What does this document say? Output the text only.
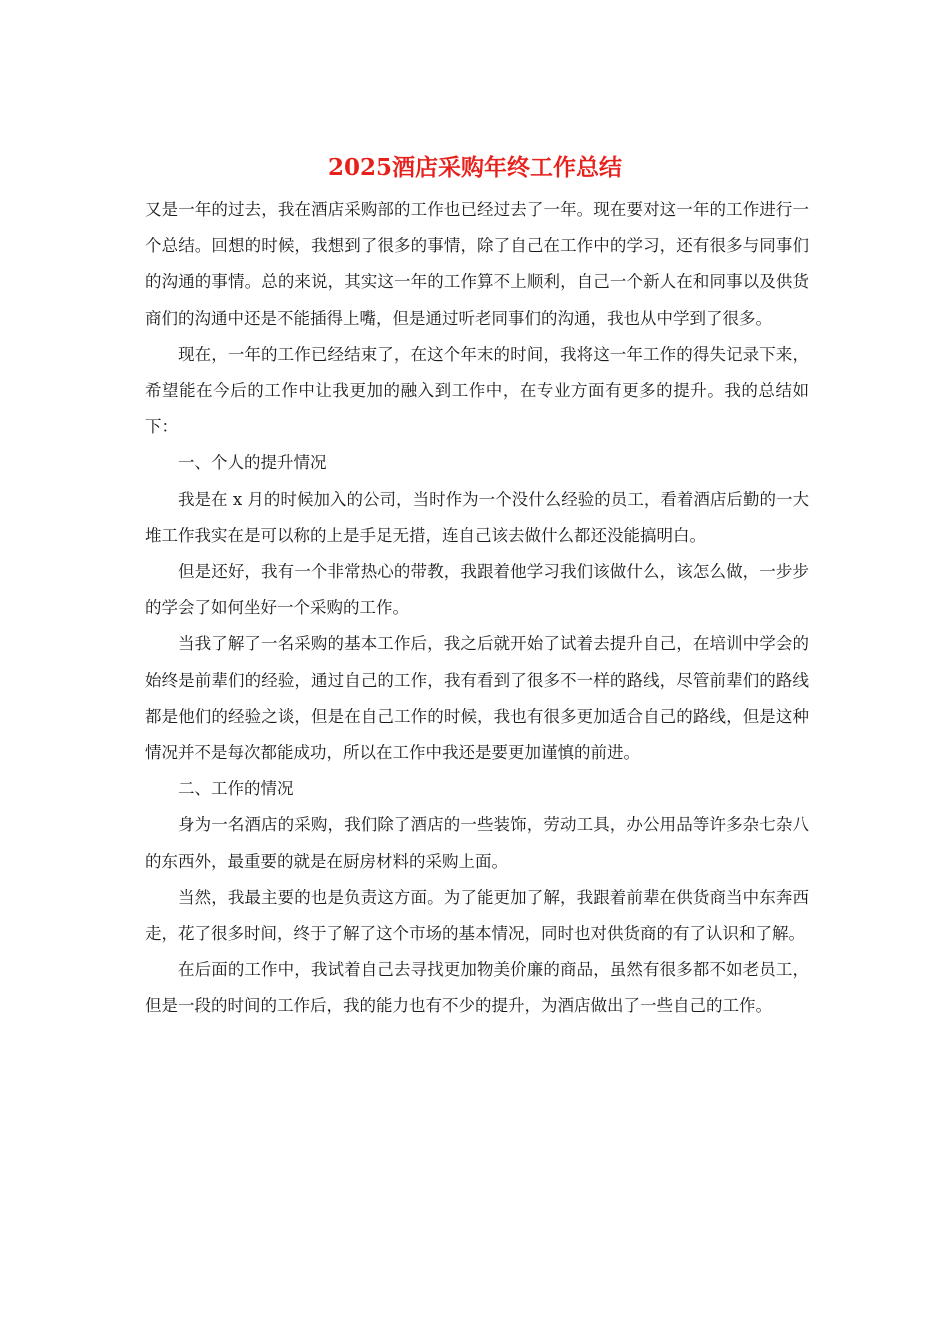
2025酒店采购年终工作总结

又是一年的过去，我在酒店采购部的工作也已经过去了一年。现在要对这一年的工作进行一个总结。回想的时候，我想到了很多的事情，除了自己在工作中的学习，还有很多与同事们的沟通的事情。总的来说，其实这一年的工作算不上顺利，自己一个新人在和同事以及供货商们的沟通中还是不能插得上嘴，但是通过听老同事们的沟通，我也从中学到了很多。

现在，一年的工作已经结束了，在这个年末的时间，我将这一年工作的得失记录下来，希望能在今后的工作中让我更加的融入到工作中，在专业方面有更多的提升。我的总结如下：

一、个人的提升情况

我是在 x 月的时候加入的公司，当时作为一个没什么经验的员工，看着酒店后勤的一大堆工作我实在是可以称的上是手足无措，连自己该去做什么都还没能搞明白。

但是还好，我有一个非常热心的带教，我跟着他学习我们该做什么，该怎么做，一步步的学会了如何坐好一个采购的工作。

当我了解了一名采购的基本工作后，我之后就开始了试着去提升自己，在培训中学会的始终是前辈们的经验，通过自己的工作，我有看到了很多不一样的路线，尽管前辈们的路线都是他们的经验之谈，但是在自己工作的时候，我也有很多更加适合自己的路线，但是这种情况并不是每次都能成功，所以在工作中我还是要更加谨慎的前进。

二、工作的情况

身为一名酒店的采购，我们除了酒店的一些装饰，劳动工具，办公用品等许多杂七杂八的东西外，最重要的就是在厨房材料的采购上面。

当然，我最主要的也是负责这方面。为了能更加了解，我跟着前辈在供货商当中东奔西走，花了很多时间，终于了解了这个市场的基本情况，同时也对供货商的有了认识和了解。

在后面的工作中，我试着自己去寻找更加物美价廉的商品，虽然有很多都不如老员工，但是一段的时间的工作后，我的能力也有不少的提升，为酒店做出了一些自己的工作。
